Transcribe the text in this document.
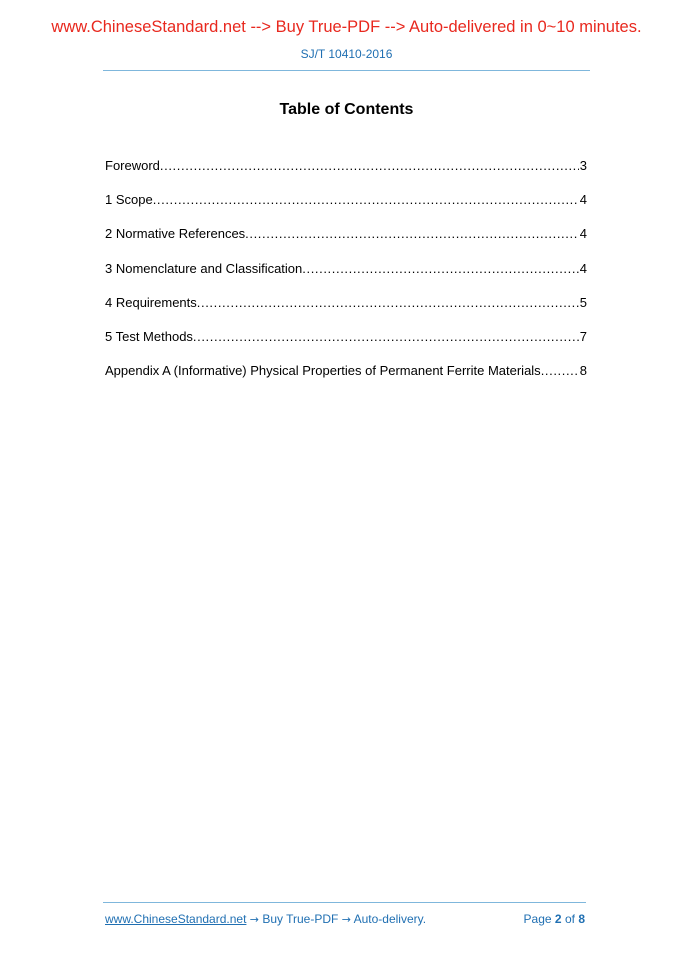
www.ChineseStandard.net --> Buy True-PDF --> Auto-delivered in 0~10 minutes.
SJ/T 10410-2016
Table of Contents
Foreword .....	3
1 Scope .....	4
2 Normative References .....	4
3 Nomenclature and Classification .....	4
4 Requirements .....	5
5 Test Methods .....	7
Appendix A (Informative) Physical Properties of Permanent Ferrite Materials .....	8
www.ChineseStandard.net → Buy True-PDF → Auto-delivery.	Page 2 of 8
